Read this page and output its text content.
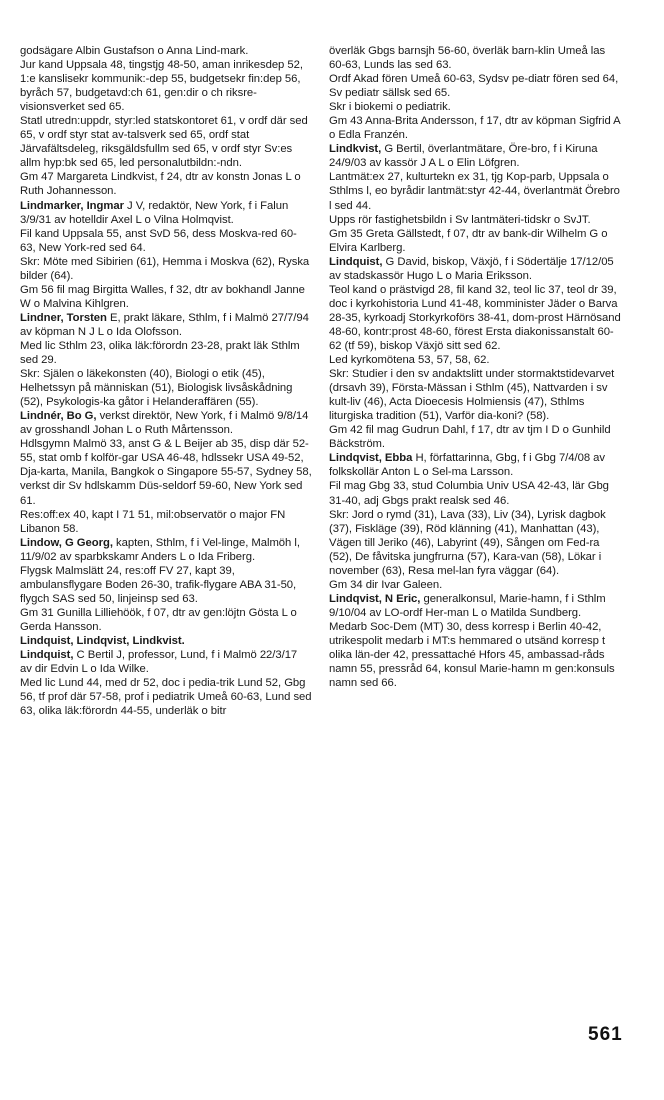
godsägare Albin Gustafson o Anna Lind-mark.

Jur kand Uppsala 48, tingstjg 48-50, aman inrikesdep 52, 1:e kanslisekr kommunik:-dep 55, budgetsekr fin:dep 56, byråch 57, budgetavd:ch 61, gen:dir o ch riksre-visionsverket sed 65.

Statl utredn:uppdr, styr:led statskontoret 61, v ordf där sed 65, v ordf styr stat av-talsverk sed 65, ordf stat Järvafältsdeleg, riksgäldsfullm sed 65, v ordf styr Sv:es allm hyp:bk sed 65, led personalutbildn:-ndn.

Gm 47 Margareta Lindkvist, f 24, dtr av konstn Jonas L o Ruth Johannesson.

Lindmarker, Ingmar J V, redaktör, New York, f i Falun 3/9/31 av hotelldir Axel L o Vilna Holmqvist.

Fil kand Uppsala 55, anst SvD 56, dess Moskva-red 60-63, New York-red sed 64.

Skr: Möte med Sibirien (61), Hemma i Moskva (62), Ryska bilder (64).

Gm 56 fil mag Birgitta Walles, f 32, dtr av bokhandl Janne W o Malvina Kihlgren.

Lindner, Torsten E, prakt läkare, Sthlm, f i Malmö 27/7/94 av köpman N J L o Ida Olofsson.

Med lic Sthlm 23, olika läk:förordn 23-28, prakt läk Sthlm sed 29.

Skr: Själen o läkekonsten (40), Biologi o etik (45), Helhetssyn på människan (51), Biologisk livsåskådning (52), Psykologis-ka gåtor i Helanderaffären (55).

Lindnér, Bo G, verkst direktör, New York, f i Malmö 9/8/14 av grosshandl Johan L o Ruth Mårtensson.

Hdlsgymn Malmö 33, anst G & L Beijer ab 35, disp där 52-55, stat omb f kolför-gar USA 46-48, hdlssekr USA 49-52, Dja-karta, Manila, Bangkok o Singapore 55-57, Sydney 58, verkst dir Sv hdlskamm Düs-seldorf 59-60, New York sed 61.

Res:off:ex 40, kapt I 71 51, mil:observatör o major FN Libanon 58.

Lindow, G Georg, kapten, Sthlm, f i Vel-linge, Malmöh l, 11/9/02 av sparbkskamr Anders L o Ida Friberg.

Flygsk Malmslätt 24, res:off FV 27, kapt 39, ambulansflygare Boden 26-30, trafik-flygare ABA 31-50, flygch SAS sed 50, linjeinsp sed 63.

Gm 31 Gunilla Lilliehöök, f 07, dtr av gen:löjtn Gösta L o Gerda Hansson.

Lindquist, Lindqvist, Lindkvist.

Lindquist, C Bertil J, professor, Lund, f i Malmö 22/3/17 av dir Edvin L o Ida Wilke.

Med lic Lund 44, med dr 52, doc i pedia-trik Lund 52, Gbg 56, tf prof där 57-58, prof i pediatrik Umeå 60-63, Lund sed 63, olika läk:förordn 44-55, underläk o bitr

överläk Gbgs barnsjh 56-60, överläk barn-klin Umeå las 60-63, Lunds las sed 63.

Ordf Akad fören Umeå 60-63, Sydsv pe-diatr fören sed 64, Sv pediatr sällsk sed 65.

Skr i biokemi o pediatrik.

Gm 43 Anna-Brita Andersson, f 17, dtr av köpman Sigfrid A o Edla Franzén.

Lindkvist, G Bertil, överlantmätare, Öre-bro, f i Kiruna 24/9/03 av kassör J A L o Elin Löfgren.

Lantmät:ex 27, kulturtekn ex 31, tjg Kop-parb, Uppsala o Sthlms l, eo byrådir lantmät:styr 42-44, överlantmät Örebro l sed 44.

Upps rör fastighetsbildn i Sv lantmäteri-tidskr o SvJT.

Gm 35 Greta Gällstedt, f 07, dtr av bank-dir Wilhelm G o Elvira Karlberg.

Lindquist, G David, biskop, Växjö, f i Södertälje 17/12/05 av stadskassör Hugo L o Maria Eriksson.

Teol kand o prästvigd 28, fil kand 32, teol lic 37, teol dr 39, doc i kyrkohistoria Lund 41-48, komminister Jäder o Barva 28-35, kyrkoadj Storkyrkoförs 38-41, dom-prost Härnösand 48-60, kontr:prost 48-60, förest Ersta diakonissanstalt 60-62 (tf 59), biskop Växjö sitt sed 62.

Led kyrkomötena 53, 57, 58, 62.

Skr: Studier i den sv andaktslitt under stormaktstidevarvet (drsavh 39), Första-Mässan i Sthlm (45), Nattvarden i sv kult-liv (46), Acta Dioecesis Holmiensis (47), Sthlms liturgiska tradition (51), Varför dia-koni? (58).

Gm 42 fil mag Gudrun Dahl, f 17, dtr av tjm I D o Gunhild Bäckström.

Lindqvist, Ebba H, författarinna, Gbg, f i Gbg 7/4/08 av folkskollär Anton L o Sel-ma Larsson.

Fil mag Gbg 33, stud Columbia Univ USA 42-43, lär Gbg 31-40, adj Gbgs prakt realsk sed 46.

Skr: Jord o rymd (31), Lava (33), Liv (34), Lyrisk dagbok (37), Fiskläge (39), Röd klänning (41), Manhattan (43), Vägen till Jeriko (46), Labyrint (49), Sången om Fed-ra (52), De fåvitska jungfrurna (57), Kara-van (58), Lökar i november (63), Resa mel-lan fyra väggar (64).

Gm 34 dir Ivar Galeen.

Lindqvist, N Eric, generalkonsul, Marie-hamn, f i Sthlm 9/10/04 av LO-ordf Her-man L o Matilda Sundberg.

Medarb Soc-Dem (MT) 30, dess korresp i Berlin 40-42, utrikespolit medarb i MT:s hemmared o utsänd korresp t olika län-der 42, pressattaché Hfors 45, ambassad-råds namn 55, pressråd 64, konsul Marie-hamn m gen:konsuls namn sed 66.

561
